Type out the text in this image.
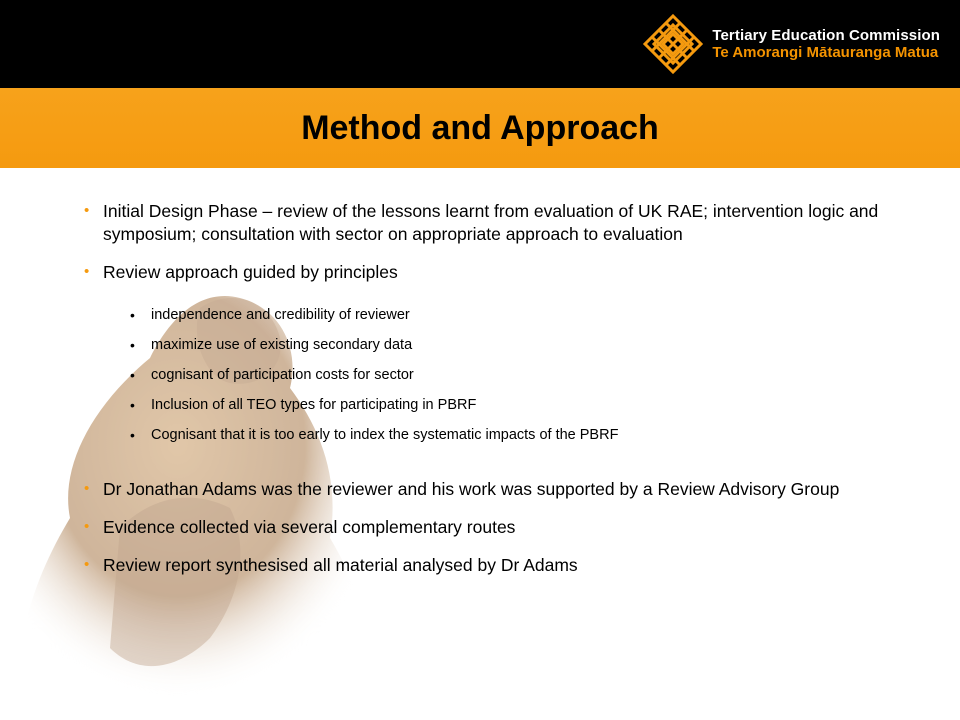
Tertiary Education Commission
Te Amorangi Mātauranga Matua
Method and Approach
• Initial Design Phase – review of the lessons learnt from evaluation of UK RAE; intervention logic and symposium; consultation with sector on appropriate approach to evaluation
• Review approach guided by principles
• independence and credibility of reviewer
• maximize use of existing secondary data
• cognisant of participation costs for sector
• Inclusion of all TEO types for participating in PBRF
• Cognisant that it is too early to index the systematic impacts of the PBRF
• Dr Jonathan Adams was the reviewer and his work was supported by a Review Advisory Group
• Evidence collected via several complementary routes
• Review report synthesised all material analysed by Dr Adams
